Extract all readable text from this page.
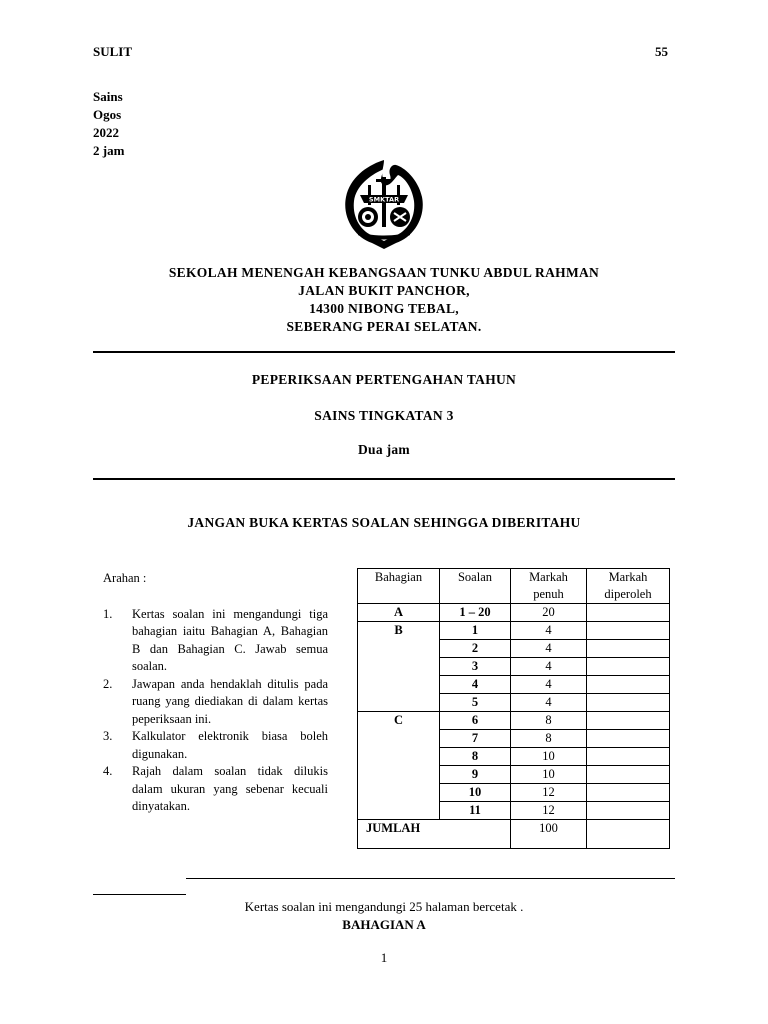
SULIT	55
Sains
Ogos
2022
2 jam
SMKTAR
SEKOLAH MENENGAH KEBANGSAAN TUNKU ABDUL RAHMAN
JALAN BUKIT PANCHOR,
14300 NIBONG TEBAL,
SEBERANG PERAI SELATAN.
PEPERIKSAAN PERTENGAHAN TAHUN
SAINS TINGKATAN 3
Dua jam
JANGAN BUKA KERTAS SOALAN SEHINGGA DIBERITAHU
Arahan :
1. Kertas soalan ini mengandungi tiga bahagian iaitu Bahagian A, Bahagian B dan Bahagian C. Jawab semua soalan.
2. Jawapan anda hendaklah ditulis pada ruang yang diediakan di dalam kertas peperiksaan ini.
3. Kalkulator elektronik biasa boleh digunakan.
4. Rajah dalam soalan tidak dilukis dalam ukuran yang sebenar kecuali dinyatakan.
Bahagian	Soalan	Markah penuh	Markah diperoleh
A	1 – 20	20	
B	1	4	
	2	4	
	3	4	
	4	4	
	5	4	
C	6	8	
	7	8	
	8	10	
	9	10	
	10	12	
	11	12	
JUMLAH		100	
Kertas soalan ini mengandungi 25 halaman bercetak .
BAHAGIAN A
1
